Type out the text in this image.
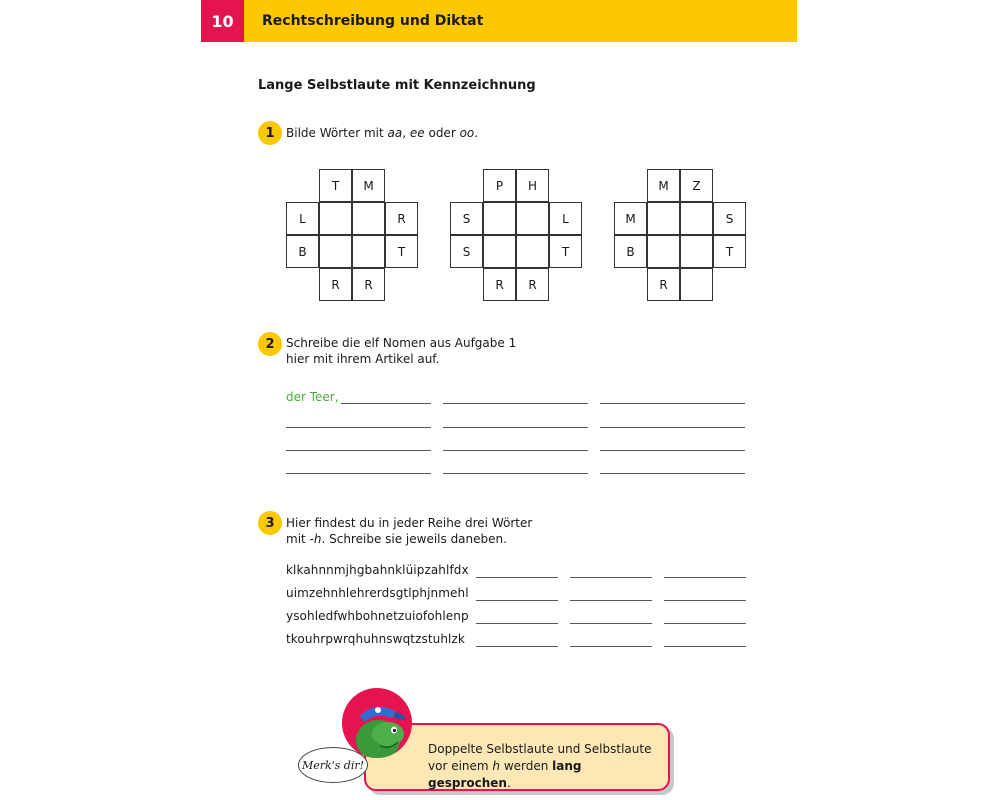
10	Rechtschreibung und Diktat
Lange Selbstlaute mit Kennzeichnung
1 Bilde Wörter mit aa, ee oder oo.
T	M
L	R
B	T
R	R
P	H
S	L
S	T
R	R
M	Z
M	S
B	T
R
2 Schreibe die elf Nomen aus Aufgabe 1
hier mit ihrem Artikel auf.
der Teer,
3 Hier findest du in jeder Reihe drei Wörter
mit -h. Schreibe sie jeweils daneben.
klkahnnmjhgbahnklüipzahlfdx
uimzehnhlehrerdsgtlphjnmehl
ysohledfwhbohnetzuiofohlenp
tkouhrpwrqhuhnswqtzstuhlzk
Doppelte Selbstlaute und Selbstlaute
vor einem h werden lang gesprochen.
Merk's dir!
